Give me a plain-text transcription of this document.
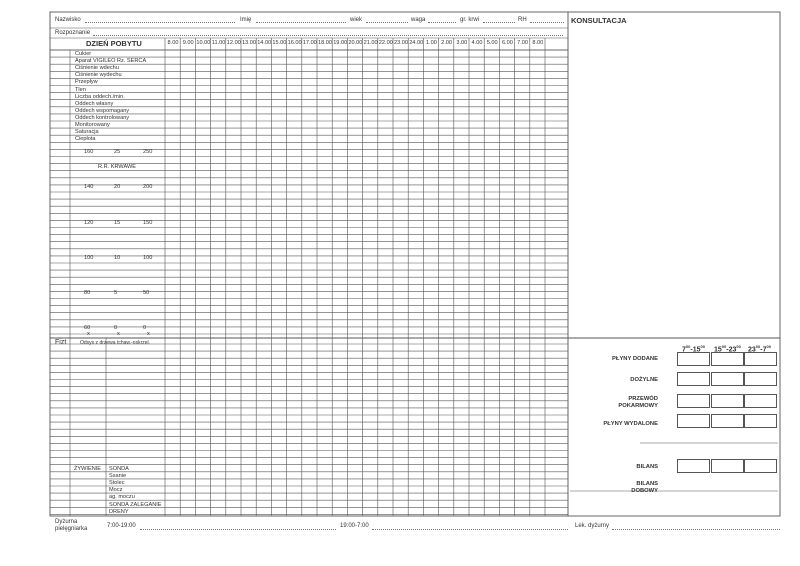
Nazwisko	Imię	wiek	waga	gr. krwi	RH
Rozpoznanie
DZIEŃ POBYTU	8.00 9.00 10.00 11.00 12.00 13.00 14.00 15.00 16.00 17.00 18.00 19.00 20.00 21.00 22.00 23.00 24.00 1.00 2.00 3.00 4.00 5.00 6.00 7.00 8.00
Cukier
Aparat VIGILEO Rz. SERCA
Ciśnienie wdechu
Ciśnienie wydechu
Przepływ
Tlen
Liczba oddech./min.
Oddech własny
Oddech wspomagany
Oddech kontrolowany
Monitorowany
Saturacja
Ciepłota
160	25	250
140	20	200
120	15	150
100	10	100
80	5	50
60	0	0
R.R. KRWAWE
x	x	x
Fizt	Odsys z drzewa tchaw.-oskrzel.
ŻYWIENIE SONDA
Ssanie
Stolec
Mocz
ag. moczu
SONDA ZALEGANIE
DRENY
KONSULTACJA
$7^{00}-15^{00}$ $15^{00}-23^{00}$ $23^{00}-7^{00}$
PŁYNY DODANE
DOŻYLNE
PRZEWÓD
POKARMOWY
PŁYNY WYDALONE
BILANS
BILANS
DOBOWY
Dyżurna
pielęgniarka	7:00-19:00	19:00-7:00	Lek. dyżurny
